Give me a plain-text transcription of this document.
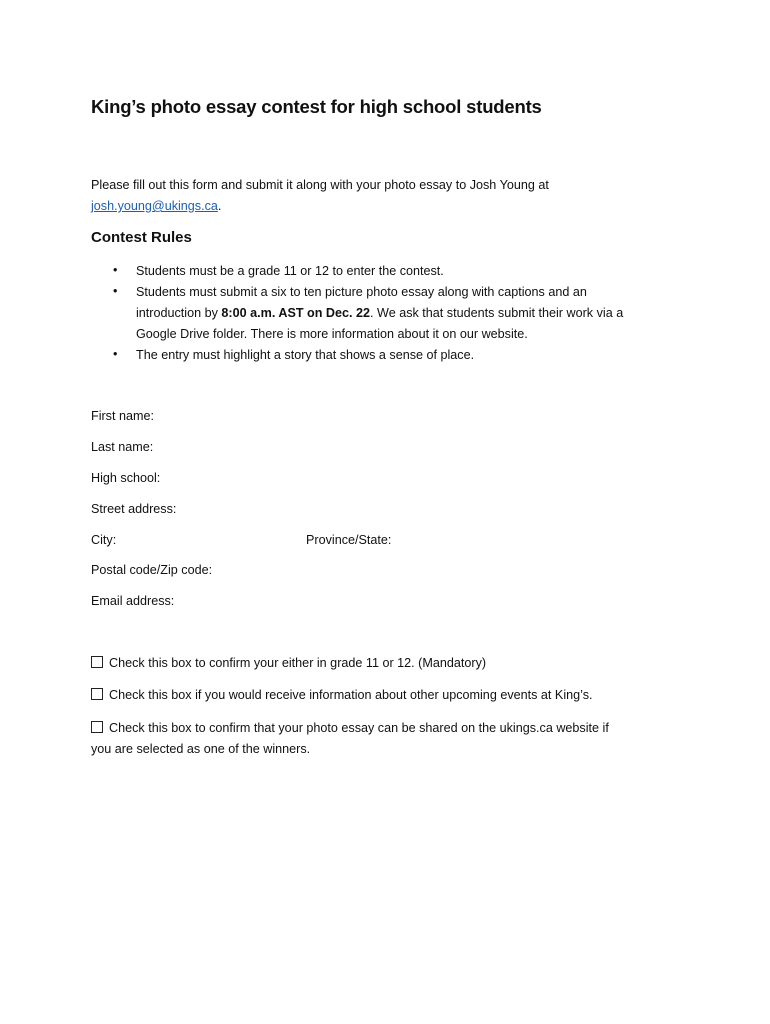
King’s photo essay contest for high school students
Please fill out this form and submit it along with your photo essay to Josh Young at
josh.young@ukings.ca.
Contest Rules
• Students must be a grade 11 or 12 to enter the contest.
• Students must submit a six to ten picture photo essay along with captions and an
introduction by 8:00 a.m. AST on Dec. 22. We ask that students submit their work via a
Google Drive folder. There is more information about it on our website.
• The entry must highlight a story that shows a sense of place.
First name:
Last name:
High school:
Street address:
City:	Province/State:
Postal code/Zip code:
Email address:
Check this box to confirm your either in grade 11 or 12. (Mandatory)
Check this box if you would receive information about other upcoming events at King’s.
Check this box to confirm that your photo essay can be shared on the ukings.ca website if
you are selected as one of the winners.
